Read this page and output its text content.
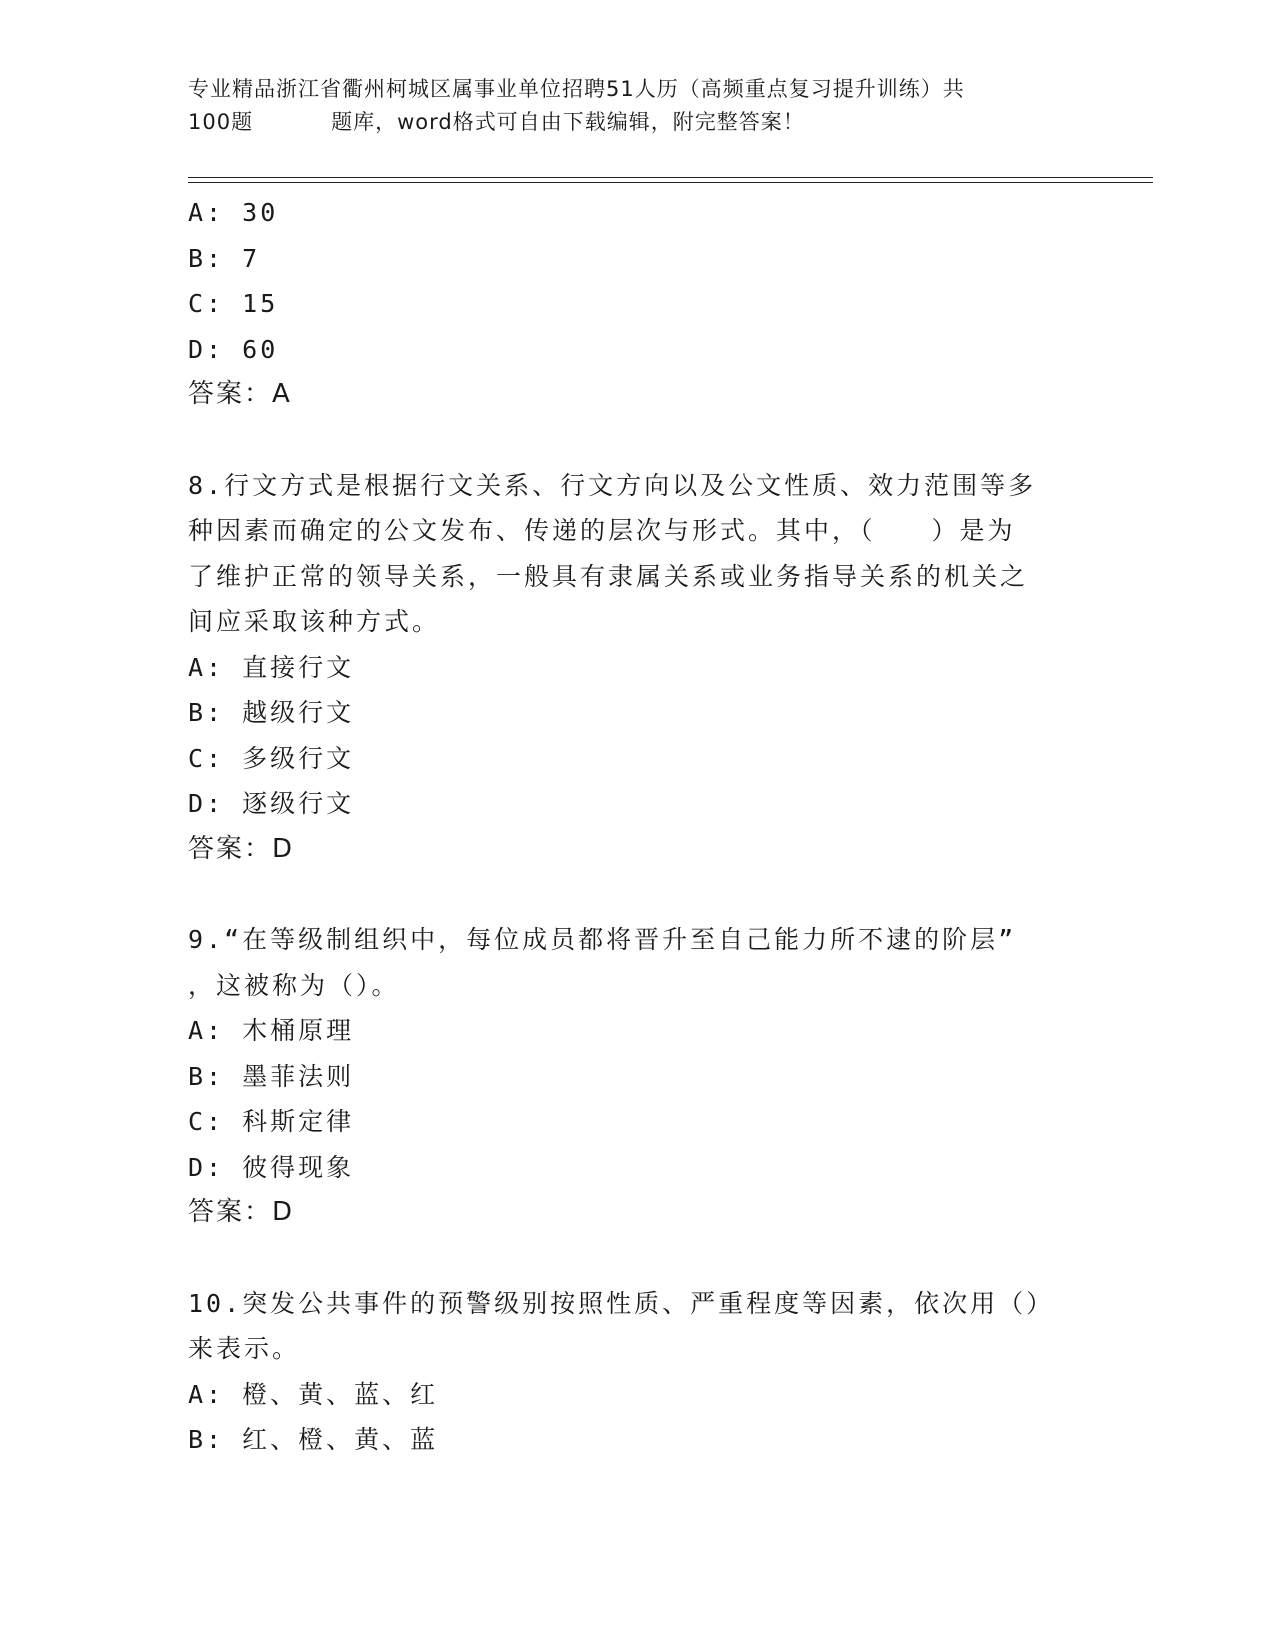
专业精品浙江省衢州柯城区属事业单位招聘51人历（高频重点复习提升训练）共
100题	题库，word格式可自由下载编辑，附完整答案！
A: 30
B: 7
C: 15
D: 60
答案：A
8.行文方式是根据行文关系、行文方向以及公文性质、效力范围等多
种因素而确定的公文发布、传递的层次与形式。其中，（　　）是为
了维护正常的领导关系，一般具有隶属关系或业务指导关系的机关之
间应采取该种方式。
A: 直接行文
B: 越级行文
C: 多级行文
D: 逐级行文
答案：D
9.“在等级制组织中，每位成员都将晋升至自己能力所不逮的阶层”
，这被称为（）。
A: 木桶原理
B: 墨菲法则
C: 科斯定律
D: 彼得现象
答案：D
10.突发公共事件的预警级别按照性质、严重程度等因素，依次用（）
来表示。
A: 橙、黄、蓝、红
B: 红、橙、黄、蓝
